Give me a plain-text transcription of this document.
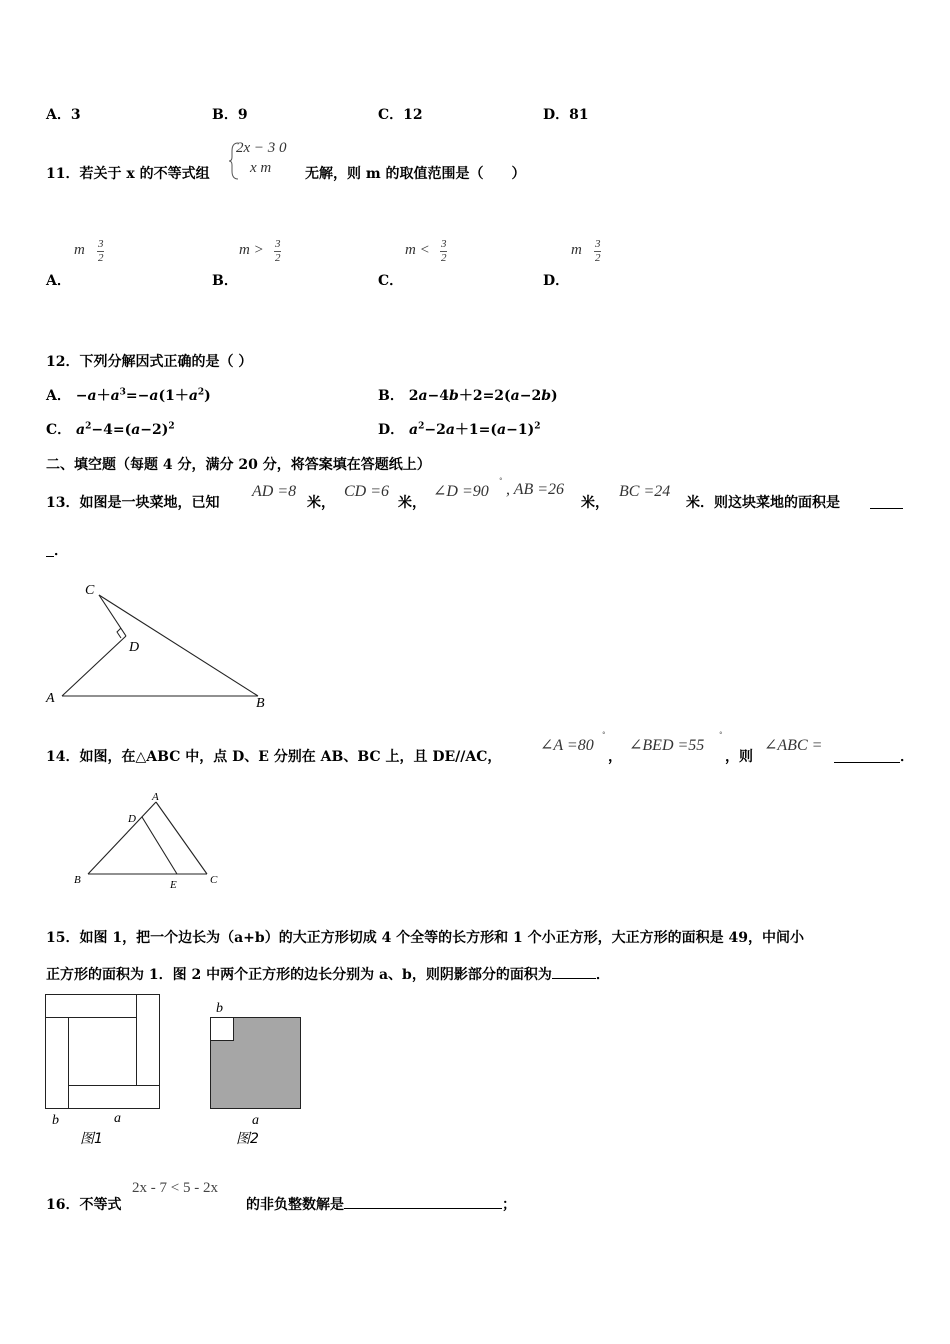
A．3	B．9	C．12	D．81
11．若关于 x 的不等式组
2x − 3 0
x m 无解，则 m 的取值范围是（　　）
A．
m 3
2
B．
m > 3
2
C．
m < 3
2
D．
m 3
2
12．下列分解因式正确的是（ ）
A． $-a+a^3=-a(1+a^2)$	B． 2a−4b＋2=2(a−2b)
C． $a^2-4=(a-2)^2$	D． $a^2-2a+1=(a-1)^2$
二、填空题（每题 4 分，满分 20 分，将答案填在答题纸上）
13．如图是一块菜地，已知
AD =8
米，
CD =6
米，
∠D =90
° , AB =26
米，
BC =24
米．则这块菜地的面积是
．
C
D
A	B
14．如图，在△ABC 中，点 D、E 分别在 AB、BC 上，且 DE//AC，
∠A =80
°
，
∠BED =55
°
，则
∠ABC =
．
A
D
B	E	C
15．如图 1，把一个边长为（a+b）的大正方形切成 4 个全等的长方形和 1 个小正方形，大正方形的面积是 49，中间小
正方形的面积为 1．图 2 中两个正方形的边长分别为 a、b，则阴影部分的面积为	．
b	a
图1
b
a
图2
16．不等式
2x - 7 < 5 - 2x
的非负整数解是	；
